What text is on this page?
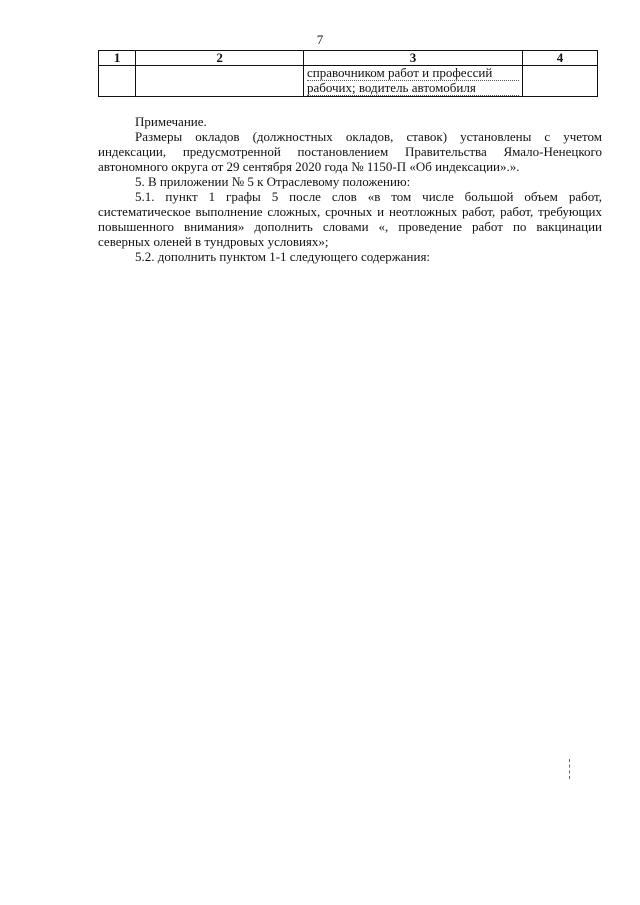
7
1	2	3	4

		справочником работ и профессий
рабочих; водитель автомобиля	

Примечание.

Размеры окладов (должностных окладов, ставок) установлены с учетом индексации, предусмотренной постановлением Правительства Ямало-Ненецкого автономного округа от 29 сентября 2020 года № 1150-П «Об индексации».».

5. В приложении № 5 к Отраслевому положению:

5.1. пункт 1 графы 5 после слов «в том числе большой объем работ, систематическое выполнение сложных, срочных и неотложных работ, работ, требующих повышенного внимания» дополнить словами «, проведение работ по вакцинации северных оленей в тундровых условиях»;

5.2. дополнить пунктом 1-1 следующего содержания:
